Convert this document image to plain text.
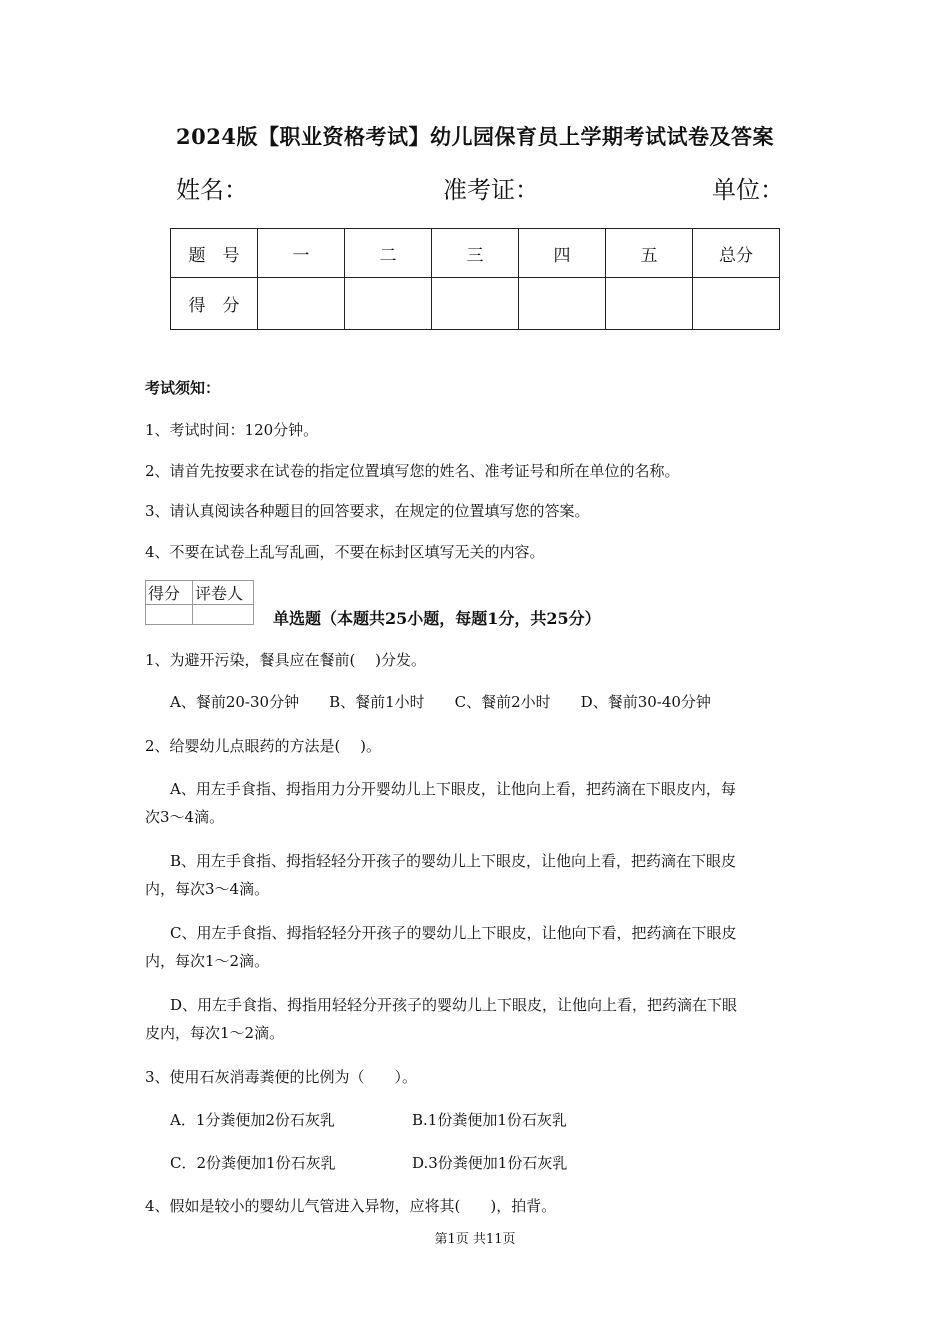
2024版【职业资格考试】幼儿园保育员上学期考试试卷及答案
姓名：	准考证：	单位：
题　号	一	二	三	四	五	总分
得　分						
考试须知：
1、考试时间：120分钟。
2、请首先按要求在试卷的指定位置填写您的姓名、准考证号和所在单位的名称。
3、请认真阅读各种题目的回答要求，在规定的位置填写您的答案。
4、不要在试卷上乱写乱画，不要在标封区填写无关的内容。
得分	评卷人

单选题（本题共25小题，每题1分，共25分）
1、为避开污染，餐具应在餐前(　 )分发。
A、餐前20-30分钟　　B、餐前1小时　　C、餐前2小时　　D、餐前30-40分钟
2、给婴幼儿点眼药的方法是(　 )。
A、用左手食指、拇指用力分开婴幼儿上下眼皮，让他向上看，把药滴在下眼皮内，每
次3～4滴。
B、用左手食指、拇指轻轻分开孩子的婴幼儿上下眼皮，让他向上看，把药滴在下眼皮
内，每次3～4滴。
C、用左手食指、拇指轻轻分开孩子的婴幼儿上下眼皮，让他向下看，把药滴在下眼皮
内，每次1～2滴。
D、用左手食指、拇指用轻轻分开孩子的婴幼儿上下眼皮，让他向上看，把药滴在下眼
皮内，每次1～2滴。
3、使用石灰消毒粪便的比例为（　　）。
A．1分粪便加2份石灰乳	B.1份粪便加1份石灰乳
C．2份粪便加1份石灰乳	D.3份粪便加1份石灰乳
4、假如是较小的婴幼儿气管进入异物，应将其(　　)，拍背。
第1页 共11页
